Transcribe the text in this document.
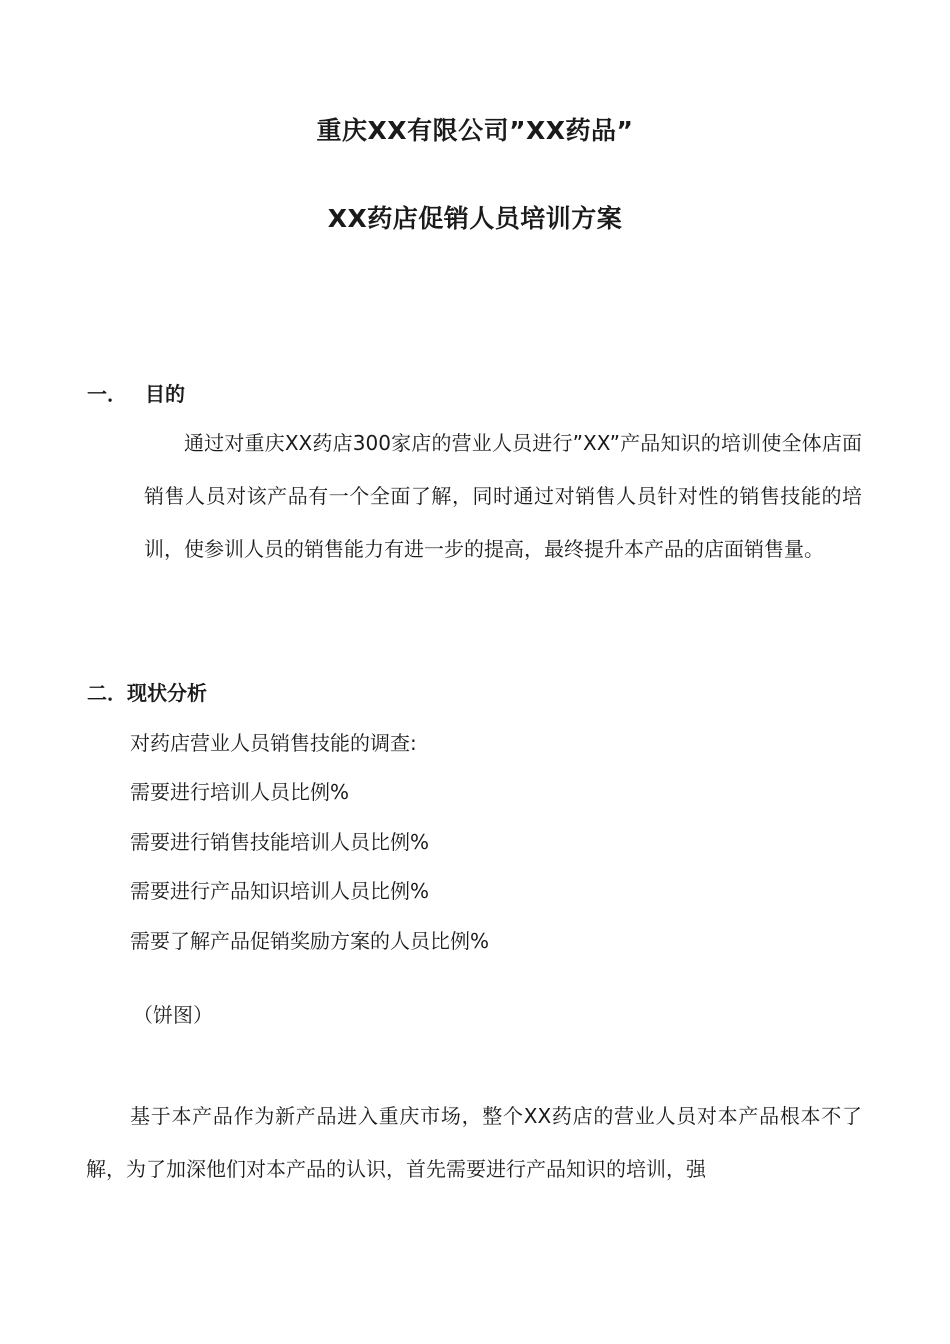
重庆XX有限公司”XX药品”
XX药店促销人员培训方案
一． 目的
通过对重庆XX药店300家店的营业人员进行”XX”产品知识的培训使全体店面销售人员对该产品有一个全面了解，同时通过对销售人员针对性的销售技能的培训，使参训人员的销售能力有进一步的提高，最终提升本产品的店面销售量。
二．现状分析
对药店营业人员销售技能的调查:
需要进行培训人员比例%
需要进行销售技能培训人员比例%
需要进行产品知识培训人员比例%
需要了解产品促销奖励方案的人员比例%
（饼图）
基于本产品作为新产品进入重庆市场，整个XX药店的营业人员对本产品根本不了解，为了加深他们对本产品的认识，首先需要进行产品知识的培训，强
